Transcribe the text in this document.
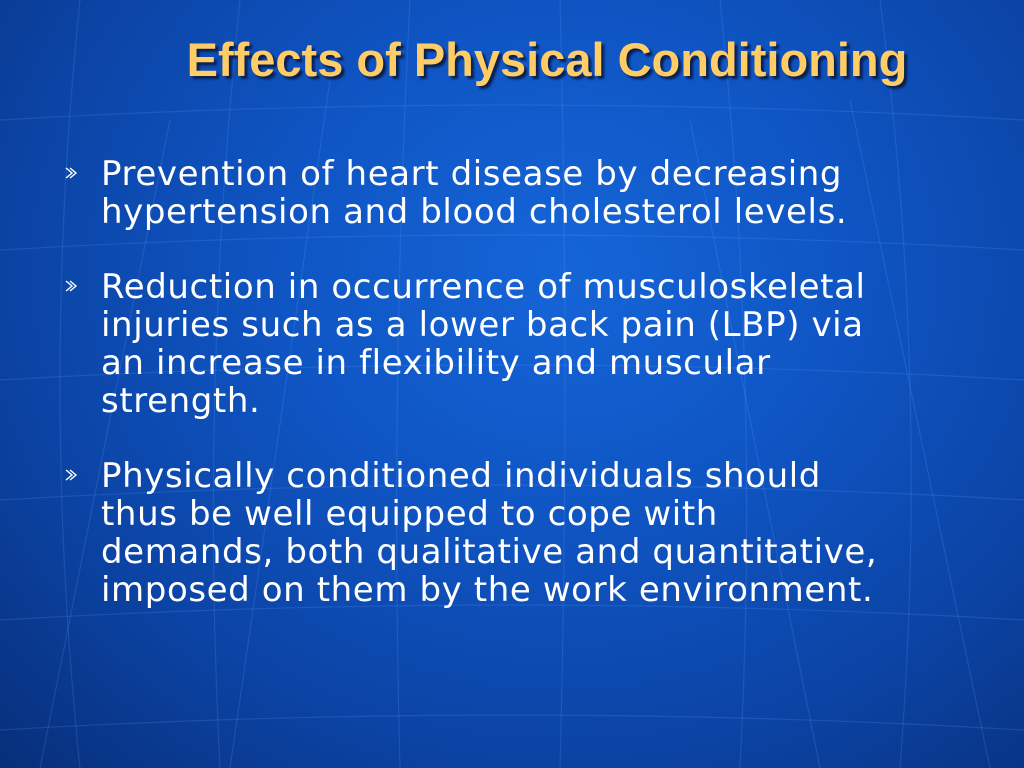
Effects of Physical Conditioning
Prevention of heart disease by decreasing
hypertension and blood cholesterol levels.
Reduction in occurrence of musculoskeletal
injuries such as a lower back pain (LBP) via
an increase in flexibility and muscular
strength.
Physically conditioned individuals should
thus be well equipped to cope with
demands, both qualitative and quantitative,
imposed on them by the work environment.
